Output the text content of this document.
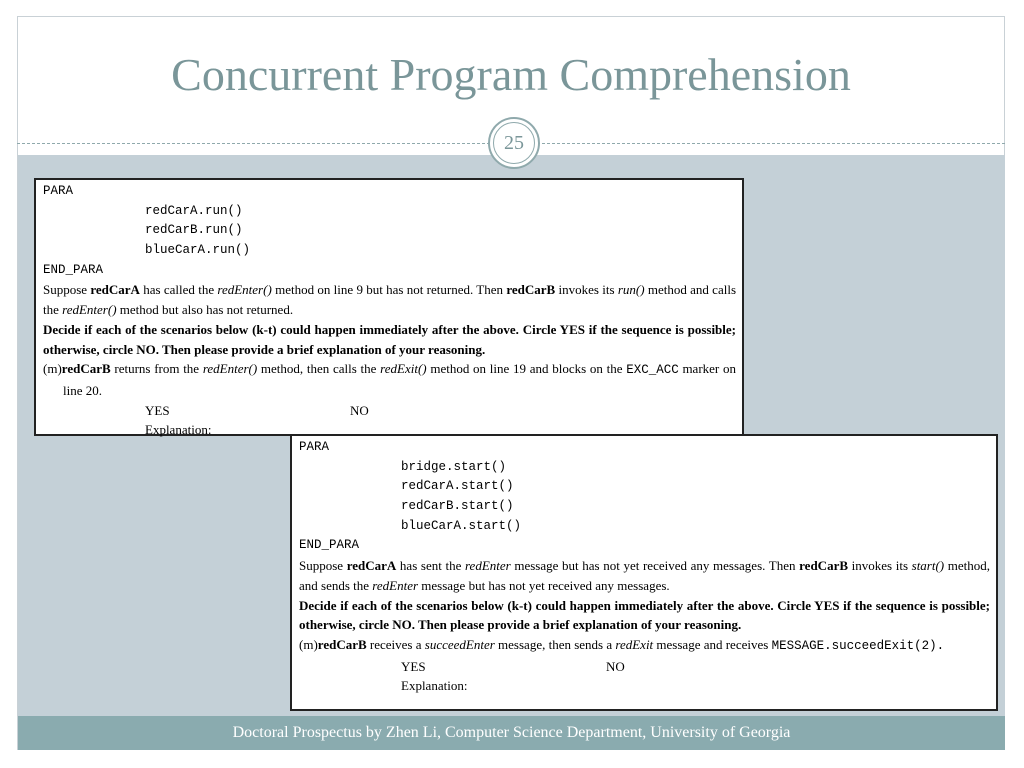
Concurrent Program Comprehension
25
PARA
redCarA.run()
redCarB.run()
blueCarA.run()
END_PARA
Suppose redCarA has called the redEnter() method on line 9 but has not returned. Then redCarB invokes its run() method and calls the redEnter() method but also has not returned.
Decide if each of the scenarios below (k-t) could happen immediately after the above. Circle YES if the sequence is possible; otherwise, circle NO. Then please provide a brief explanation of your reasoning.
(m)redCarB returns from the redEnter() method, then calls the redExit() method on line 19 and blocks on the EXC_ACC marker on line 20.
YES	NO
Explanation:
PARA
bridge.start()
redCarA.start()
redCarB.start()
blueCarA.start()
END_PARA
Suppose redCarA has sent the redEnter message but has not yet received any messages. Then redCarB invokes its start() method, and sends the redEnter message but has not yet received any messages.
Decide if each of the scenarios below (k-t) could happen immediately after the above. Circle YES if the sequence is possible; otherwise, circle NO. Then please provide a brief explanation of your reasoning.
(m)redCarB receives a succeedEnter message, then sends a redExit message and receives MESSAGE.succeedExit(2).
YES	NO
Explanation:
Doctoral Prospectus by Zhen Li, Computer Science Department, University of Georgia
